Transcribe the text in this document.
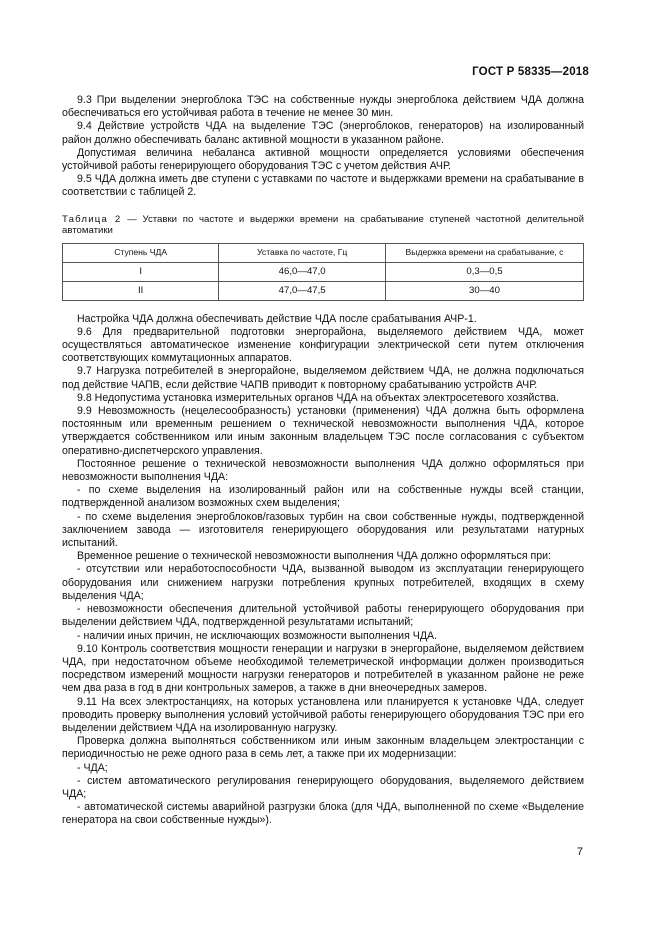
ГОСТ Р 58335—2018

9.3 При выделении энергоблока ТЭС на собственные нужды энергоблока действием ЧДА должна обеспечиваться его устойчивая работа в течение не менее 30 мин.

9.4 Действие устройств ЧДА на выделение ТЭС (энергоблоков, генераторов) на изолированный район должно обеспечивать баланс активной мощности в указанном районе.

Допустимая величина небаланса активной мощности определяется условиями обеспечения устойчивой работы генерирующего оборудования ТЭС с учетом действия АЧР.

9.5 ЧДА должна иметь две ступени с уставками по частоте и выдержками времени на срабатывание в соответствии с таблицей 2.

Таблица 2 — Уставки по частоте и выдержки времени на срабатывание ступеней частотной делительной автоматики
Ступень ЧДА	Уставка по частоте, Гц	Выдержка времени на срабатывание, с
I	46,0—47,0	0,3—0,5
II	47,0—47,5	30—40

Настройка ЧДА должна обеспечивать действие ЧДА после срабатывания АЧР-1.

9.6 Для предварительной подготовки энергорайона, выделяемого действием ЧДА, может осуществляться автоматическое изменение конфигурации электрической сети путем отключения соответствующих коммутационных аппаратов.

9.7 Нагрузка потребителей в энергорайоне, выделяемом действием ЧДА, не должна подключаться под действие ЧАПВ, если действие ЧАПВ приводит к повторному срабатыванию устройств АЧР.

9.8 Недопустима установка измерительных органов ЧДА на объектах электросетевого хозяйства.

9.9 Невозможность (нецелесообразность) установки (применения) ЧДА должна быть оформлена постоянным или временным решением о технической невозможности выполнения ЧДА, которое утверждается собственником или иным законным владельцем ТЭС после согласования с субъектом оперативно-диспетчерского управления.

Постоянное решение о технической невозможности выполнения ЧДА должно оформляться при невозможности выполнения ЧДА:

- по схеме выделения на изолированный район или на собственные нужды всей станции, подтвержденной анализом возможных схем выделения;

- по схеме выделения энергоблоков/газовых турбин на свои собственные нужды, подтвержденной заключением завода — изготовителя генерирующего оборудования или результатами натурных испытаний.

Временное решение о технической невозможности выполнения ЧДА должно оформляться при:

- отсутствии или неработоспособности ЧДА, вызванной выводом из эксплуатации генерирующего оборудования или снижением нагрузки потребления крупных потребителей, входящих в схему выделения ЧДА;

- невозможности обеспечения длительной устойчивой работы генерирующего оборудования при выделении действием ЧДА, подтвержденной результатами испытаний;

- наличии иных причин, не исключающих возможности выполнения ЧДА.

9.10 Контроль соответствия мощности генерации и нагрузки в энергорайоне, выделяемом действием ЧДА, при недостаточном объеме необходимой телеметрической информации должен производиться посредством измерений мощности нагрузки генераторов и потребителей в указанном районе не реже чем два раза в год в дни контрольных замеров, а также в дни внеочередных замеров.

9.11 На всех электростанциях, на которых установлена или планируется к установке ЧДА, следует проводить проверку выполнения условий устойчивой работы генерирующего оборудования ТЭС при его выделении действием ЧДА на изолированную нагрузку.

Проверка должна выполняться собственником или иным законным владельцем электростанции с периодичностью не реже одного раза в семь лет, а также при их модернизации:

- ЧДА;

- систем автоматического регулирования генерирующего оборудования, выделяемого действием ЧДА;

- автоматической системы аварийной разгрузки блока (для ЧДА, выполненной по схеме «Выделение генератора на свои собственные нужды»).

7
